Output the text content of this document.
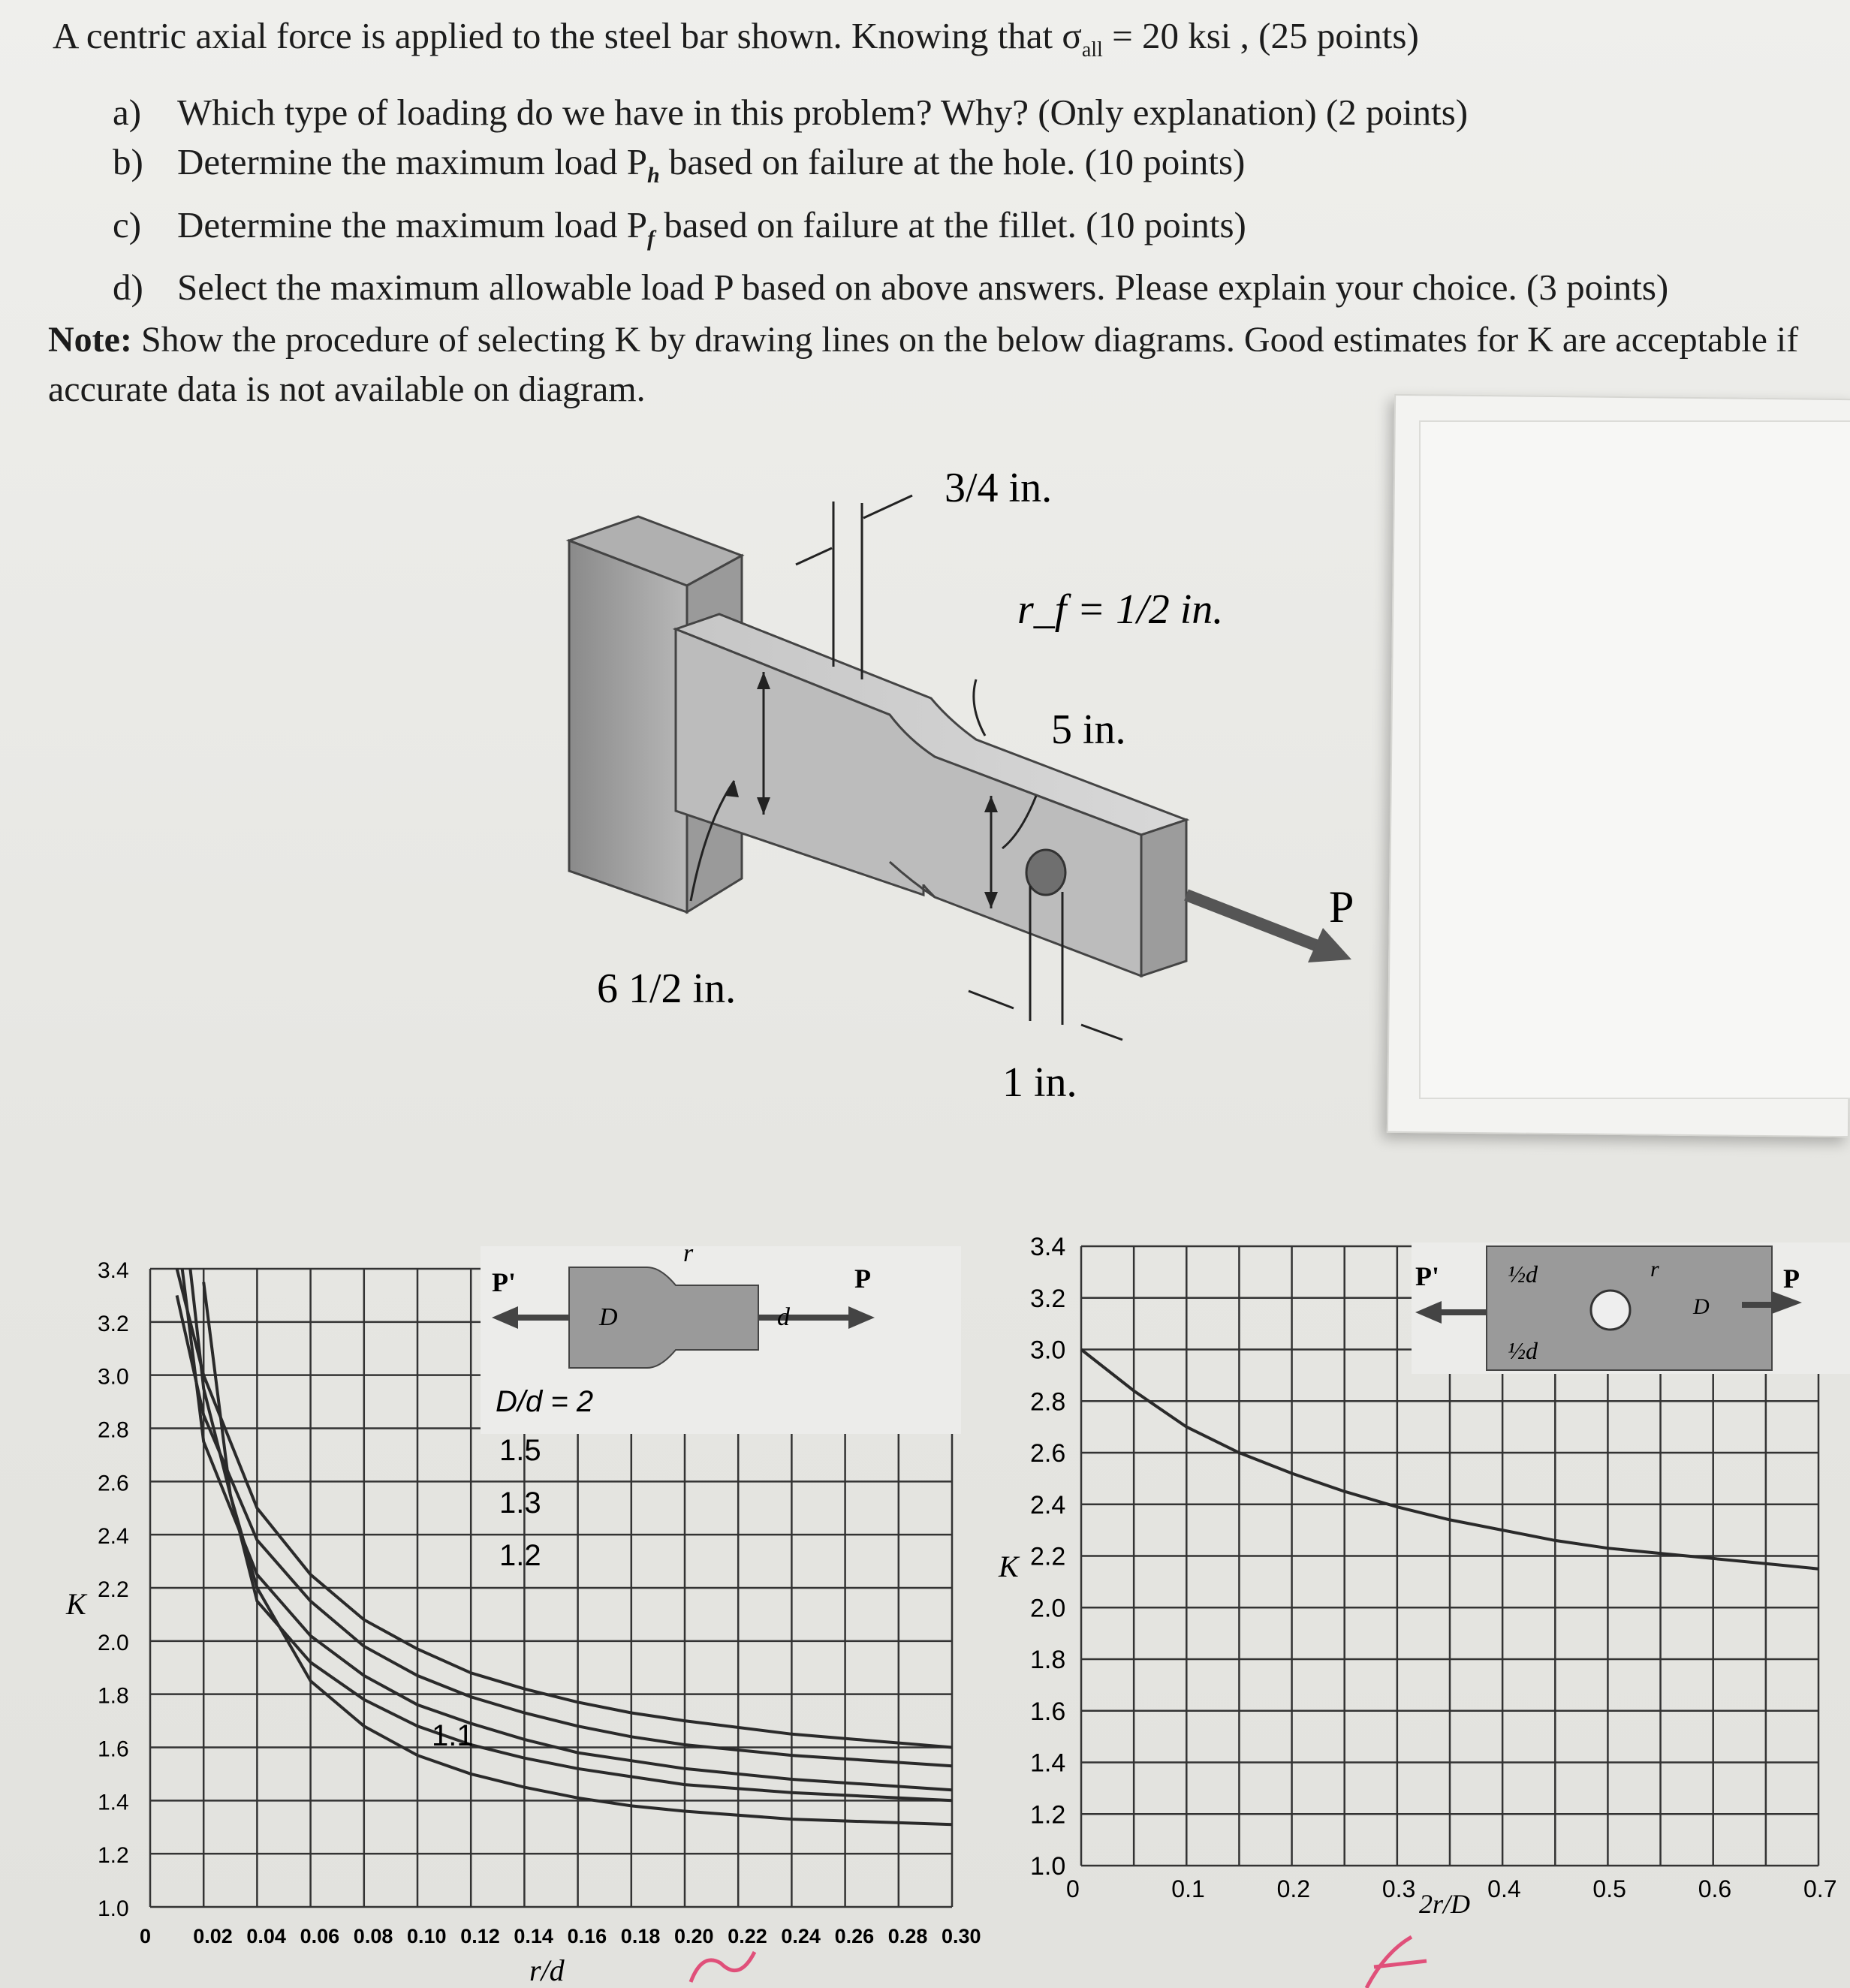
A centric axial force is applied to the steel bar shown. Knowing that $\sigma_{all} = 20$ ksi , (25 points)
a) Which type of loading do we have in this problem? Why? (Only explanation) (2 points)
b) Determine the maximum load $P_h$ based on failure at the hole. (10 points)
c) Determine the maximum load $P_f$ based on failure at the fillet. (10 points)
d) Select the maximum allowable load P based on above answers. Please explain your choice. (3 points)
Note: Show the procedure of selecting K by drawing lines on the below diagrams. Good estimates for K are acceptable if accurate data is not available on diagram.
P
3/4 in.
r_f = 1/2 in.
5 in.
6 1/2 in.
1 in.
3.4
3.2
3.0
2.8
2.6
2.4
2.2
2.0
1.8
1.6
1.4
1.2
1.0
0 0.02 0.04 0.06 0.08 0.10 0.12 0.14 0.16 0.18 0.20 0.22 0.24 0.26 0.28 0.30
K
r/d
P'	P
D	d
r
D/d = 2
1.5
1.3
1.2
1.1
3.4
3.2
3.0
2.8
2.6
2.4
2.2
2.0
1.8
1.6
1.4
1.2
1.0
0	0.1	0.2	0.3	0.4	0.5	0.6	0.7
K
2r/D
P'	P
½d
½d
D
r
